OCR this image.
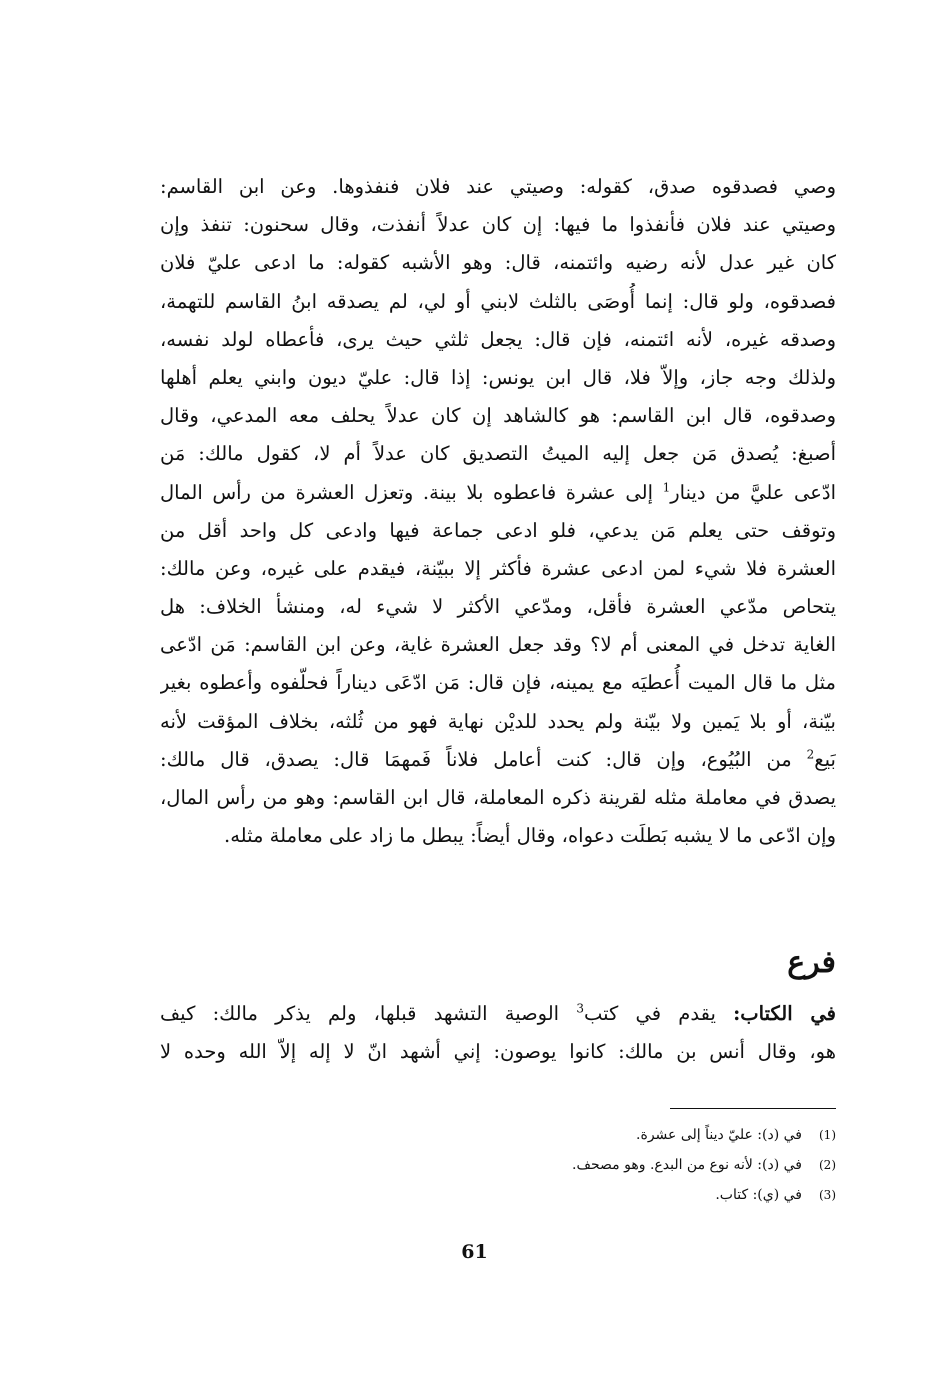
وصي فصدقوه صدق، كقوله: وصيتي عند فلان فنفذوها. وعن ابن القاسم:
وصيتي عند فلان فأنفذوا ما فيها: إن كان عدلاً أنفذت، وقال سحنون: تنفذ وإن
كان غير عدل لأنه رضيه وائتمنه، قال: وهو الأشبه كقوله: ما ادعى عليّ فلان
فصدقوه، ولو قال: إنما أُوصَى بالثلث لابني أو لي، لم يصدقه ابنُ القاسم للتهمة،
وصدقه غيره، لأنه ائتمنه، فإن قال: يجعل ثلثي حيث يرى، فأعطاه لولد نفسه،
ولذلك وجه جاز، وإلاّ فلا، قال ابن يونس: إذا قال: عليّ ديون وابني يعلم أهلها
وصدقوه، قال ابن القاسم: هو كالشاهد إن كان عدلاً يحلف معه المدعي، وقال
أصبغ: يُصدق مَن جعل إليه الميتُ التصديق كان عدلاً أم لا، كقول مالك: مَن
ادّعى عليَّ من دينار$^1$ إلى عشرة فاعطوه بلا بينة. وتعزل العشرة من رأس المال
وتوقف حتى يعلم مَن يدعي، فلو ادعى جماعة فيها وادعى كل واحد أقل من
العشرة فلا شيء لمن ادعى عشرة فأكثر إلا ببيّنة، فيقدم على غيره، وعن مالك:
يتحاص مدّعي العشرة فأقل، ومدّعي الأكثر لا شيء له، ومنشأ الخلاف: هل
الغاية تدخل في المعنى أم لا؟ وقد جعل العشرة غاية، وعن ابن القاسم: مَن ادّعى
مثل ما قال الميت أُعطيَه مع يمينه، فإن قال: مَن ادّعَى ديناراً فحلّفوه وأعطوه بغير
بيّنة، أو بلا يَمين ولا بيّنة ولم يحدد للديْن نهاية فهو من ثُلثه، بخلاف المؤقت لأنه
بَيع$^2$ من البُيُوع، وإن قال: كنت أعامل فلاناً فَمهمَا قال: يصدق، قال مالك:
يصدق في معاملة مثله لقرينة ذكره المعاملة، قال ابن القاسم: وهو من رأس المال،
وإن ادّعى ما لا يشبه بَطلَت دعواه، وقال أيضاً: يبطل ما زاد على معاملة مثله.
فرع
في الكتاب: يقدم في كتب$^3$ الوصية التشهد قبلها، ولم يذكر مالك: كيف
هو، وقال أنس بن مالك: كانوا يوصون: إني أشهد انّ لا إله إلاّ الله وحده لا
(1)في (د): عليّ ديناً إلى عشرة.
(2)في (د): لأنه نوع من البدع. وهو مصحف.
(3)في (ي): كتاب.
61
